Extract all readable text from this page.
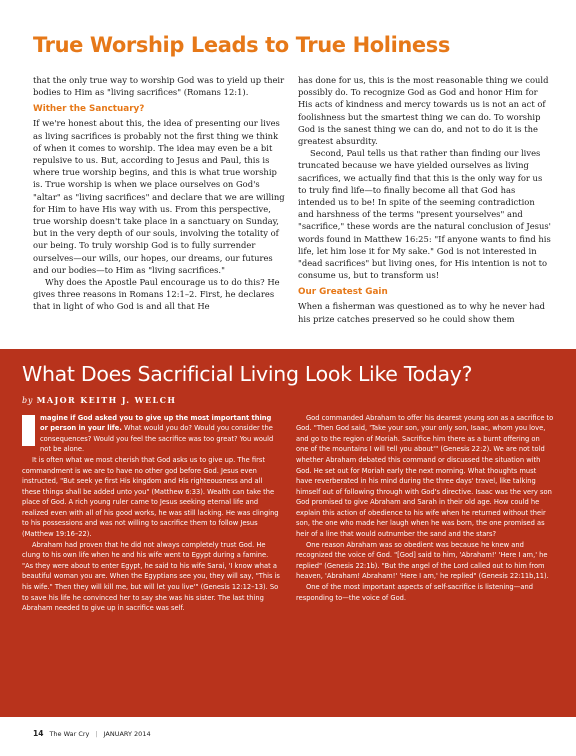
True Worship Leads to True Holiness

that the only true way to worship God was to yield up their bodies to Him as "living sacrifices" (Romans 12:1).

Wither the Sanctuary?

If we're honest about this, the idea of presenting our lives as living sacrifices is probably not the first thing we think of when it comes to worship. The idea may even be a bit repulsive to us. But, according to Jesus and Paul, this is where true worship begins, and this is what true worship is. True worship is when we place ourselves on God's "altar" as "living sacrifices" and declare that we are willing for Him to have His way with us. From this perspective, true worship doesn't take place in a sanctuary on Sunday, but in the very depth of our souls, involving the totality of our being. To truly worship God is to fully surrender ourselves—our wills, our hopes, our dreams, our futures and our bodies—to Him as "living sacrifices."

Why does the Apostle Paul encourage us to do this? He gives three reasons in Romans 12:1–2. First, he declares that in light of who God is and all that He

has done for us, this is the most reasonable thing we could possibly do. To recognize God as God and honor Him for His acts of kindness and mercy towards us is not an act of foolishness but the smartest thing we can do. To worship God is the sanest thing we can do, and not to do it is the greatest absurdity.

Second, Paul tells us that rather than finding our lives truncated because we have yielded ourselves as living sacrifices, we actually find that this is the only way for us to truly find life—to finally become all that God has intended us to be! In spite of the seeming contradiction and harshness of the terms "present yourselves" and "sacrifice," these words are the natural conclusion of Jesus' words found in Matthew 16:25: "If anyone wants to find his life, let him lose it for My sake." God is not interested in "dead sacrifices" but living ones, for His intention is not to consume us, but to transform us!

Our Greatest Gain

When a fisherman was questioned as to why he never had his prize catches preserved so he could show them

What Does Sacrificial Living Look Like Today?
by MAJOR KEITH J. WELCH

magine if God asked you to give up the most important thing or person in your life. What would you do? Would you consider the consequences? Would you feel the sacrifice was too great? You would not be alone.

It is often what we most cherish that God asks us to give up. The first commandment is we are to have no other god before God. Jesus even instructed, "But seek ye first His kingdom and His righteousness and all these things shall be added unto you" (Matthew 6:33). Wealth can take the place of God. A rich young ruler came to Jesus seeking eternal life and realized even with all of his good works, he was still lacking. He was clinging to his possessions and was not willing to sacrifice them to follow Jesus (Matthew 19:16–22).

Abraham had proven that he did not always completely trust God. He clung to his own life when he and his wife went to Egypt during a famine. "As they were about to enter Egypt, he said to his wife Sarai, 'I know what a beautiful woman you are. When the Egyptians see you, they will say, "This is his wife." Then they will kill me, but will let you live'" (Genesis 12:12–13). So to save his life he convinced her to say she was his sister. The last thing Abraham needed to give up in sacrifice was self.

God commanded Abraham to offer his dearest young son as a sacrifice to God. "Then God said, 'Take your son, your only son, Isaac, whom you love, and go to the region of Moriah. Sacrifice him there as a burnt offering on one of the mountains I will tell you about'" (Genesis 22:2). We are not told whether Abraham debated this command or discussed the situation with God. He set out for Moriah early the next morning. What thoughts must have reverberated in his mind during the three days' travel, like talking himself out of following through with God's directive. Isaac was the very son God promised to give Abraham and Sarah in their old age. How could he explain this action of obedience to his wife when he returned without their son, the one who made her laugh when he was born, the one promised as heir of a line that would outnumber the sand and the stars?

One reason Abraham was so obedient was because he knew and recognized the voice of God. "[God] said to him, 'Abraham!' 'Here I am,' he replied" (Genesis 22:1b). "But the angel of the Lord called out to him from heaven, 'Abraham! Abraham!' 'Here I am,' he replied" (Genesis 22:11b,11).

One of the most important aspects of self-sacrifice is listening—and responding to—the voice of God.

14 The War Cry | JANUARY 2014
